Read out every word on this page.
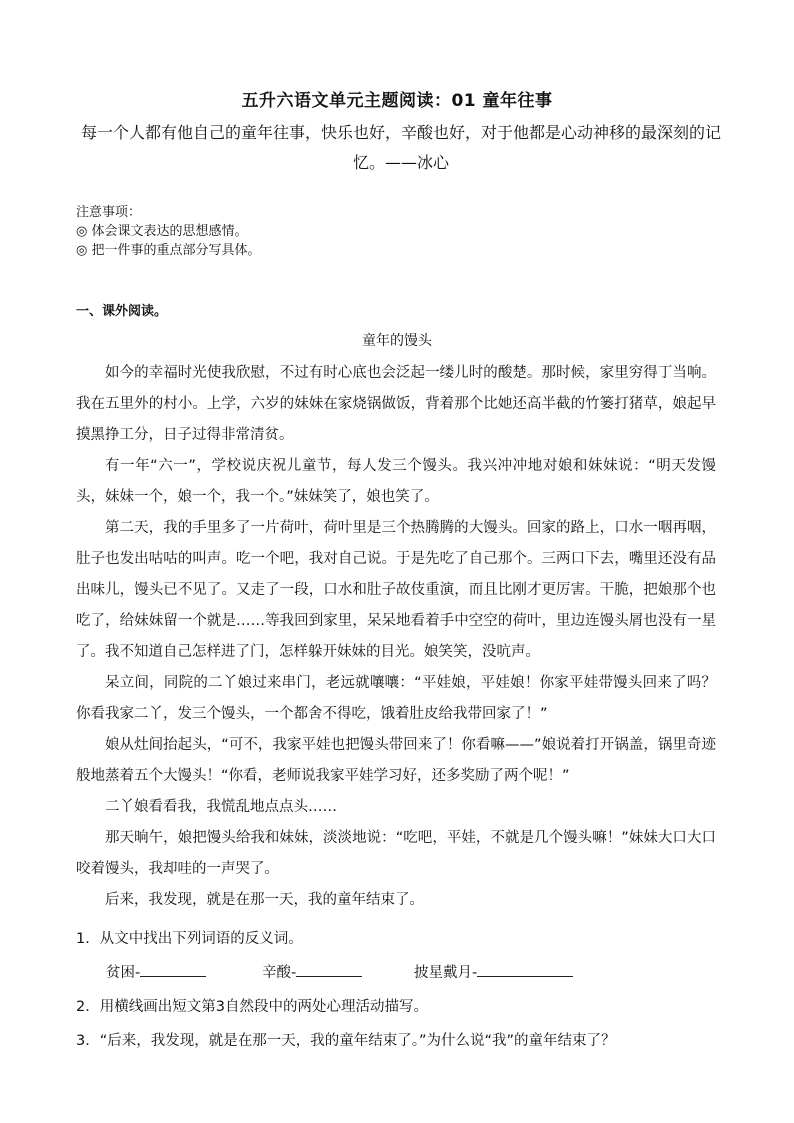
五升六语文单元主题阅读：01 童年往事
每一个人都有他自己的童年往事，快乐也好，辛酸也好，对于他都是心动神移的最深刻的记忆。——冰心
注意事项：
◎ 体会课文表达的思想感情。
◎ 把一件事的重点部分写具体。
一、课外阅读。
童年的馒头

如今的幸福时光使我欣慰，不过有时心底也会泛起一缕儿时的酸楚。那时候，家里穷得丁当响。我在五里外的村小。上学，六岁的妹妹在家烧锅做饭，背着那个比她还高半截的竹篓打猪草，娘起早摸黑挣工分，日子过得非常清贫。

有一年“六一”，学校说庆祝儿童节，每人发三个馒头。我兴冲冲地对娘和妹妹说：“明天发馒头，妹妹一个，娘一个，我一个。”妹妹笑了，娘也笑了。

第二天，我的手里多了一片荷叶，荷叶里是三个热腾腾的大馒头。回家的路上，口水一咽再咽，肚子也发出咕咕的叫声。吃一个吧，我对自己说。于是先吃了自己那个。三两口下去，嘴里还没有品出味儿，馒头已不见了。又走了一段，口水和肚子故伎重演，而且比刚才更厉害。干脆，把娘那个也吃了，给妹妹留一个就是……等我回到家里，呆呆地看着手中空空的荷叶，里边连馒头屑也没有一星了。我不知道自己怎样进了门，怎样躲开妹妹的目光。娘笑笑，没吭声。

呆立间，同院的二丫娘过来串门，老远就嚷嚷：“平娃娘，平娃娘！你家平娃带馒头回来了吗？你看我家二丫，发三个馒头，一个都舍不得吃，饿着肚皮给我带回家了！”

娘从灶间抬起头，“可不，我家平娃也把馒头带回来了！你看嘛——”娘说着打开锅盖，锅里奇迹般地蒸着五个大馒头！“你看，老师说我家平娃学习好，还多奖励了两个呢！”

二丫娘看看我，我慌乱地点点头……

那天晌午，娘把馒头给我和妹妹，淡淡地说：“吃吧，平娃，不就是几个馒头嘛！”妹妹大口大口咬着馒头，我却哇的一声哭了。

后来，我发现，就是在那一天，我的童年结束了。

1．从文中找出下列词语的反义词。
贫困-	辛酸-	披星戴月-
2．用横线画出短文第3自然段中的两处心理活动描写。
3．“后来，我发现，就是在那一天，我的童年结束了。”为什么说“我”的童年结束了？
